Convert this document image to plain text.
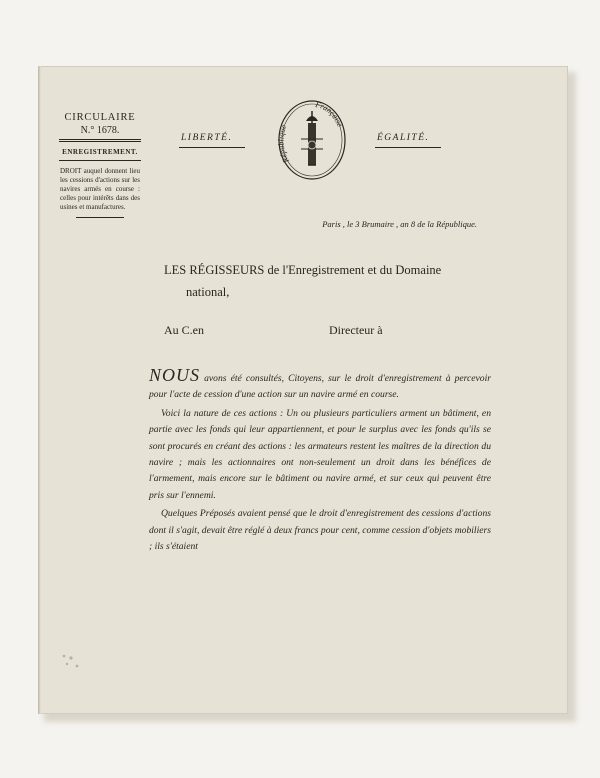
CIRCULAIRE
N.° 1678.
ENREGISTREMENT.
DROIT auquel donnent lieu les cessions d'actions sur les navires armés en course : celles pour intérêts dans des usines et manufactures.
LIBERTÉ.	ÉGALITÉ.
République
Française
Paris , le 3 Brumaire , an 8 de la République.
LES RÉGISSEURS de l'Enregistrement et du Domaine
national,
Au C.en	Directeur à

NOUS avons été consultés, Citoyens, sur le droit d'enregistrement à percevoir pour l'acte de cession d'une action sur un navire armé en course.

Voici la nature de ces actions : Un ou plusieurs particuliers arment un bâtiment, en partie avec les fonds qui leur appartiennent, et pour le surplus avec les fonds qu'ils se sont procurés en créant des actions : les armateurs restent les maîtres de la direction du navire ; mais les actionnaires ont non-seulement un droit dans les bénéfices de l'armement, mais encore sur le bâtiment ou navire armé, et sur ceux qui peuvent être pris sur l'ennemi.

Quelques Préposés avaient pensé que le droit d'enregistrement des cessions d'actions dont il s'agit, devait être réglé à deux francs pour cent, comme cession d'objets mobiliers ; ils s'étaient
